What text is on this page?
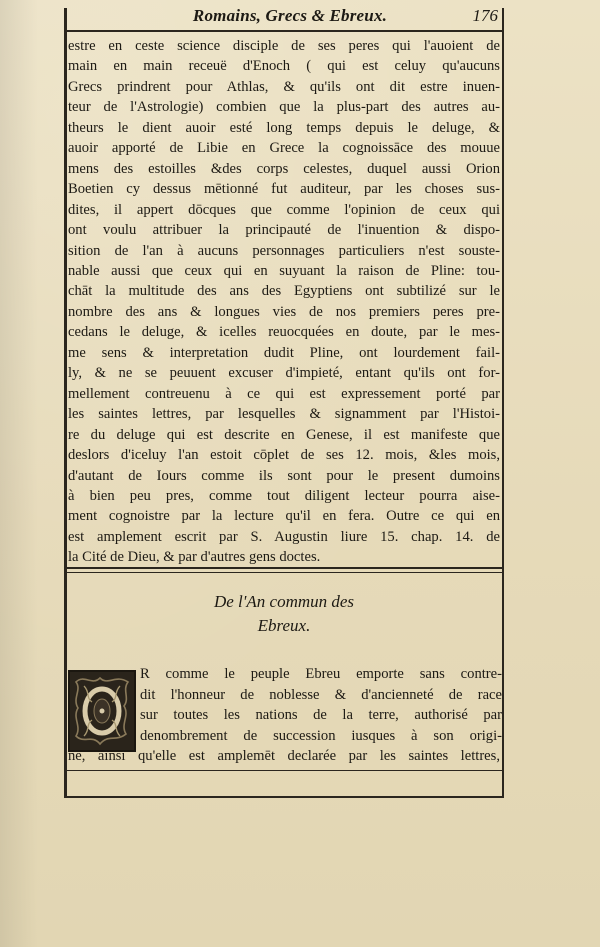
Romains, Grecs & Ebreux.	176
estre en ceste science disciple de ses peres qui l'auoient de
main en main receuë d'Enoch ( qui est celuy qu'aucuns
Grecs prindrent pour Athlas, & qu'ils ont dit estre inuen-
teur de l'Astrologie) combien que la plus-part des autres au-
theurs le dient auoir esté long temps depuis le deluge, &
auoir apporté de Libie en Grece la cognoissāce des mouue
mens des estoilles &des corps celestes, duquel aussi Orion
Boetien cy dessus mētionné fut auditeur, par les choses sus-
dites, il appert dōcques que comme l'opinion de ceux qui
ont voulu attribuer la principauté de l'inuention & dispo-
sition de l'an à aucuns personnages particuliers n'est souste-
nable aussi que ceux qui en suyuant la raison de Pline: tou-
chāt la multitude des ans des Egyptiens ont subtilizé sur le
nombre des ans & longues vies de nos premiers peres pre-
cedans le deluge, & icelles reuocquées en doute, par le mes-
me sens & interpretation dudit Pline, ont lourdement fail-
ly, & ne se peuuent excuser d'impieté, entant qu'ils ont for-
mellement contreuenu à ce qui est expressement porté par
les saintes lettres, par lesquelles & signamment par l'Histoi-
re du deluge qui est descrite en Genese, il est manifeste que
deslors d'iceluy l'an estoit cōplet de ses 12. mois, &les mois,
d'autant de Iours comme ils sont pour le present dumoins
à bien peu pres, comme tout diligent lecteur pourra aise-
ment cognoistre par la lecture qu'il en fera. Outre ce qui en
est amplement escrit par S. Augustin liure 15. chap. 14. de
la Cité de Dieu, & par d'autres gens doctes.
De l'An commun des
Ebreux.
R comme le peuple Ebreu emporte sans contre-
dit l'honneur de noblesse & d'ancienneté de race
sur toutes les nations de la terre, authorisé par
denombrement de succession iusques à son origi-
ne, ainsi qu'elle est amplemēt declarée par les saintes lettres,
